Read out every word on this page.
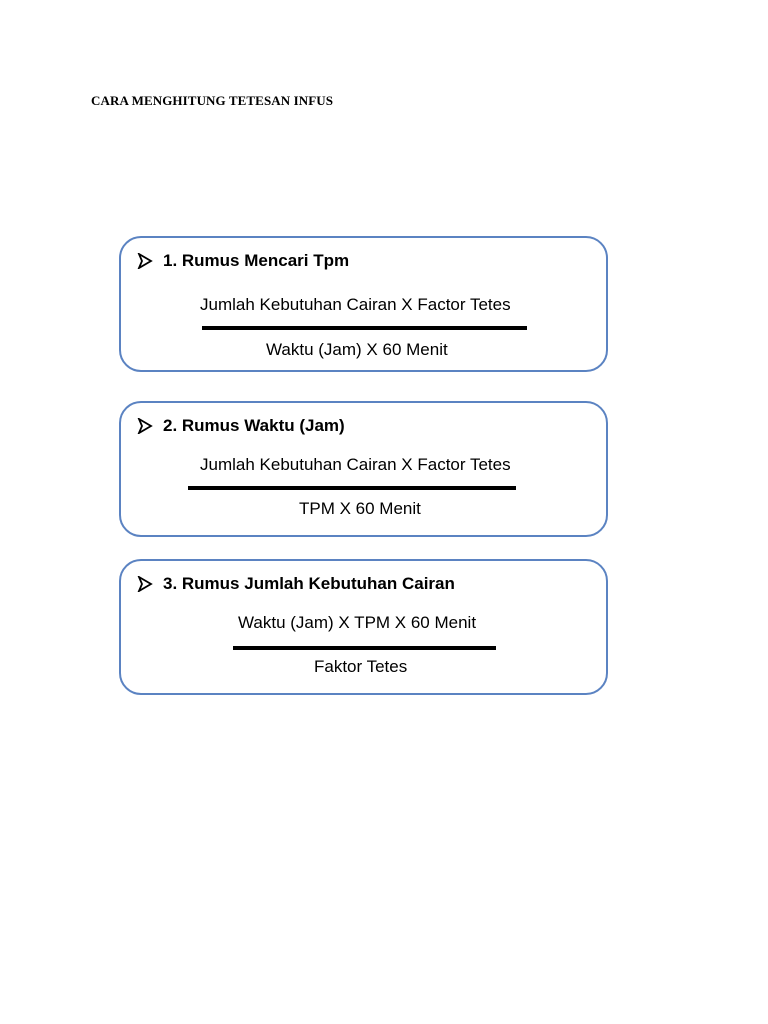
CARA MENGHITUNG TETESAN INFUS
1. Rumus Mencari Tpm
Jumlah Kebutuhan Cairan X Factor Tetes
Waktu (Jam) X 60 Menit
2. Rumus Waktu (Jam)
Jumlah Kebutuhan Cairan X Factor Tetes
TPM X 60 Menit
3. Rumus Jumlah Kebutuhan Cairan
Waktu (Jam) X TPM X 60 Menit
Faktor Tetes
